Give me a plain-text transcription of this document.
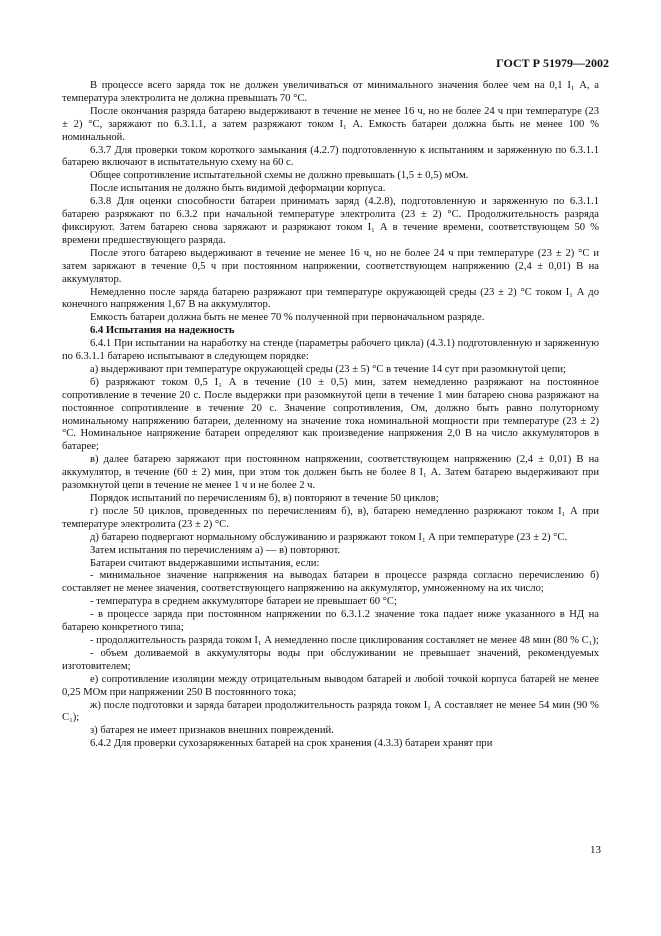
ГОСТ Р 51979—2002

В процессе всего заряда ток не должен увеличиваться от минимального значения более чем на 0,1 I₁ А, а температура электролита не должна превышать 70 °С.

После окончания разряда батарею выдерживают в течение не менее 16 ч, но не более 24 ч при температуре (23 ± 2) °С, заряжают по 6.3.1.1, а затем разряжают током I₁ А. Емкость батареи должна быть не менее 100 % номинальной.

6.3.7 Для проверки током короткого замыкания (4.2.7) подготовленную к испытаниям и заряженную по 6.3.1.1 батарею включают в испытательную схему на 60 с.

Общее сопротивление испытательной схемы не должно превышать (1,5 ± 0,5) мОм.

После испытания не должно быть видимой деформации корпуса.

6.3.8 Для оценки способности батареи принимать заряд (4.2.8), подготовленную и заряженную по 6.3.1.1 батарею разряжают по 6.3.2 при начальной температуре электролита (23 ± 2) °С. Продолжительность разряда фиксируют. Затем батарею снова заряжают и разряжают током I₁ А в течение времени, соответствующем 50 % времени предшествующего разряда.

После этого батарею выдерживают в течение не менее 16 ч, но не более 24 ч при температуре (23 ± 2) °С и затем заряжают в течение 0,5 ч при постоянном напряжении, соответствующем напряжению (2,4 ± 0,01) В на аккумулятор.

Немедленно после заряда батарею разряжают при температуре окружающей среды (23 ± 2) °С током I₁ А до конечного напряжения 1,67 В на аккумулятор.

Емкость батареи должна быть не менее 70 % полученной при первоначальном разряде.

6.4 Испытания на надежность

6.4.1 При испытании на наработку на стенде (параметры рабочего цикла) (4.3.1) подготовленную и заряженную по 6.3.1.1 батарею испытывают в следующем порядке:

а) выдерживают при температуре окружающей среды (23 ± 5) °С в течение 14 сут при разомкнутой цепи;

б) разряжают током 0,5 I₁ А в течение (10 ± 0,5) мин, затем немедленно разряжают на постоянное сопротивление в течение 20 с. После выдержки при разомкнутой цепи в течение 1 мин батарею снова разряжают на постоянное сопротивление в течение 20 с. Значение сопротивления, Ом, должно быть равно полуторному номинальному напряжению батареи, деленному на значение тока номинальной мощности при температуре (23 ± 2) °С. Номинальное напряжение батареи определяют как произведение напряжения 2,0 В на число аккумуляторов в батарее;

в) далее батарею заряжают при постоянном напряжении, соответствующем напряжению (2,4 ± 0,01) В на аккумулятор, в течение (60 ± 2) мин, при этом ток должен быть не более 8 I₁ А. Затем батарею выдерживают при разомкнутой цепи в течение не менее 1 ч и не более 2 ч.

Порядок испытаний по перечислениям б), в) повторяют в течение 50 циклов;

г) после 50 циклов, проведенных по перечислениям б), в), батарею немедленно разряжают током I₁ А при температуре электролита (23 ± 2) °С.

д) батарею подвергают нормальному обслуживанию и разряжают током I₁ А при температуре (23 ± 2) °С.

Затем испытания по перечислениям а) — в) повторяют.

Батареи считают выдержавшими испытания, если:

- минимальное значение напряжения на выводах батареи в процессе разряда согласно перечислению б) составляет не менее значения, соответствующего напряжению на аккумулятор, умноженному на их число;

- температура в среднем аккумуляторе батареи не превышает 60 °С;

- в процессе заряда при постоянном напряжении по 6.3.1.2 значение тока падает ниже указанного в НД на батарею конкретного типа;

- продолжительность разряда током I₁ А немедленно после циклирования составляет не менее 48 мин (80 % C₁);

- объем доливаемой в аккумуляторы воды при обслуживании не превышает значений, рекомендуемых изготовителем;

е) сопротивление изоляции между отрицательным выводом батарей и любой точкой корпуса батарей не менее 0,25 МОм при напряжении 250 В постоянного тока;

ж) после подготовки и заряда батареи продолжительность разряда током I₁ А составляет не менее 54 мин (90 % C₁);

з) батарея не имеет признаков внешних повреждений.

6.4.2 Для проверки сухозаряженных батарей на срок хранения (4.3.3) батареи хранят при

13
